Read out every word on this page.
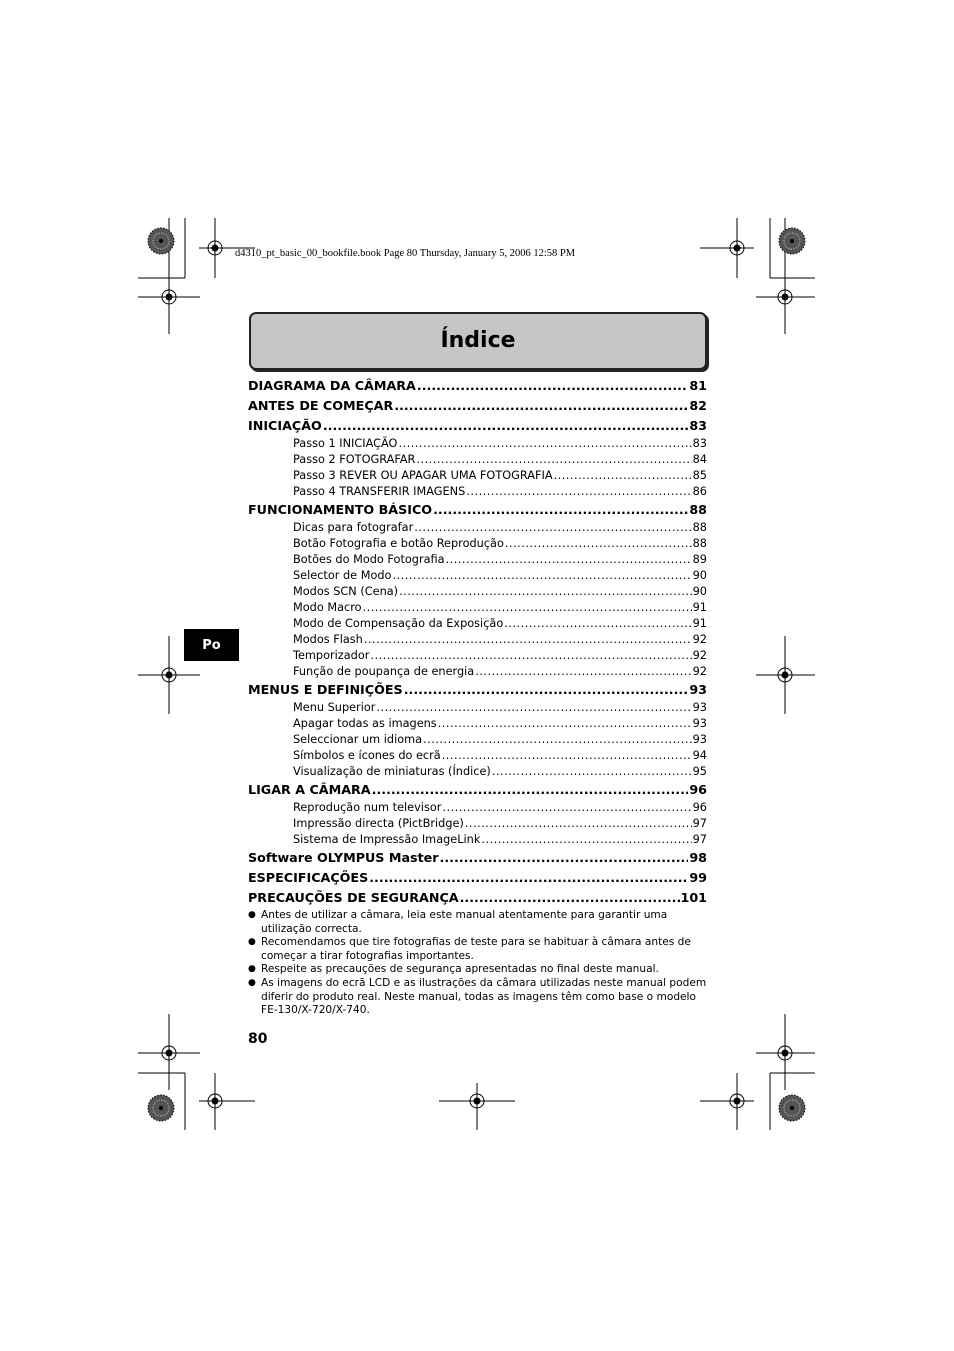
d4310_pt_basic_00_bookfile.book Page 80 Thursday, January 5, 2006 12:58 PM
Índice
Po
DIAGRAMA DA CÂMARA .....	81
ANTES DE COMEÇAR .....	82
INICIAÇÃO .....	83
Passo 1 INICIAÇÃO .....	83
Passo 2 FOTOGRAFAR .....	84
Passo 3 REVER OU APAGAR UMA FOTOGRAFIA .....	85
Passo 4 TRANSFERIR IMAGENS .....	86
FUNCIONAMENTO BÁSICO .....	88
Dicas para fotografar .....	88
Botão Fotografia e botão Reprodução .....	88
Botões do Modo Fotografia .....	89
Selector de Modo .....	90
Modos SCN (Cena) .....	90
Modo Macro .....	91
Modo de Compensação da Exposição .....	91
Modos Flash .....	92
Temporizador .....	92
Função de poupança de energia .....	92
MENUS E DEFINIÇÕES .....	93
Menu Superior .....	93
Apagar todas as imagens .....	93
Seleccionar um idioma .....	93
Símbolos e ícones do ecrã .....	94
Visualização de miniaturas (Índice) .....	95
LIGAR A CÂMARA .....	96
Reprodução num televisor .....	96
Impressão directa (PictBridge) .....	97
Sistema de Impressão ImageLink .....	97
Software OLYMPUS Master .....	98
ESPECIFICAÇÕES .....	99
PRECAUÇÕES DE SEGURANÇA .....	101

● Antes de utilizar a câmara, leia este manual atentamente para garantir uma utilização correcta.

● Recomendamos que tire fotografias de teste para se habituar à câmara antes de começar a tirar fotografias importantes.

● Respeite as precauções de segurança apresentadas no final deste manual.

● As imagens do ecrã LCD e as ilustrações da câmara utilizadas neste manual podem diferir do produto real. Neste manual, todas as imagens têm como base o modelo FE-130/X-720/X-740.

80
